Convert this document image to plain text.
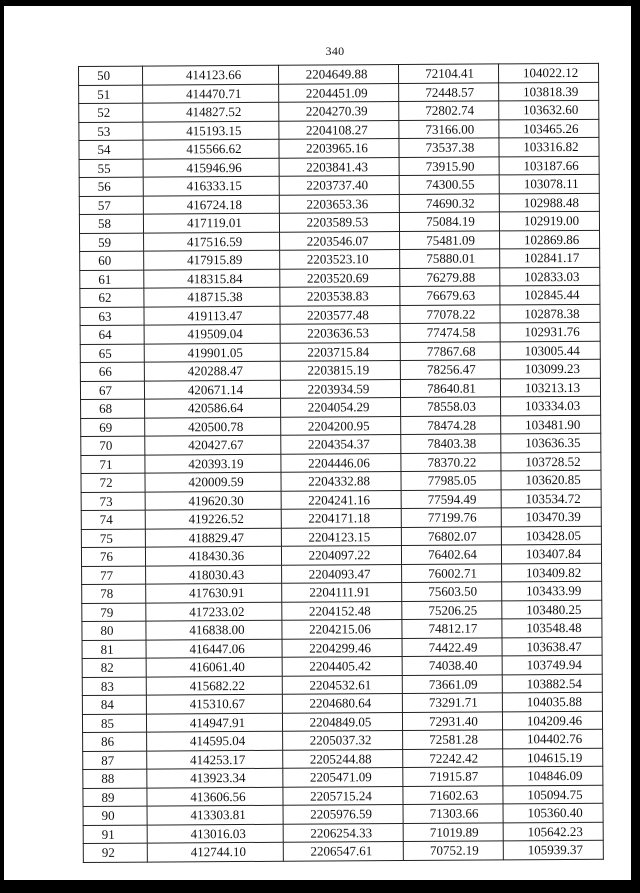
340
50	414123.66	2204649.88	72104.41	104022.12
51	414470.71	2204451.09	72448.57	103818.39
52	414827.52	2204270.39	72802.74	103632.60
53	415193.15	2204108.27	73166.00	103465.26
54	415566.62	2203965.16	73537.38	103316.82
55	415946.96	2203841.43	73915.90	103187.66
56	416333.15	2203737.40	74300.55	103078.11
57	416724.18	2203653.36	74690.32	102988.48
58	417119.01	2203589.53	75084.19	102919.00
59	417516.59	2203546.07	75481.09	102869.86
60	417915.89	2203523.10	75880.01	102841.17
61	418315.84	2203520.69	76279.88	102833.03
62	418715.38	2203538.83	76679.63	102845.44
63	419113.47	2203577.48	77078.22	102878.38
64	419509.04	2203636.53	77474.58	102931.76
65	419901.05	2203715.84	77867.68	103005.44
66	420288.47	2203815.19	78256.47	103099.23
67	420671.14	2203934.59	78640.81	103213.13
68	420586.64	2204054.29	78558.03	103334.03
69	420500.78	2204200.95	78474.28	103481.90
70	420427.67	2204354.37	78403.38	103636.35
71	420393.19	2204446.06	78370.22	103728.52
72	420009.59	2204332.88	77985.05	103620.85
73	419620.30	2204241.16	77594.49	103534.72
74	419226.52	2204171.18	77199.76	103470.39
75	418829.47	2204123.15	76802.07	103428.05
76	418430.36	2204097.22	76402.64	103407.84
77	418030.43	2204093.47	76002.71	103409.82
78	417630.91	2204111.91	75603.50	103433.99
79	417233.02	2204152.48	75206.25	103480.25
80	416838.00	2204215.06	74812.17	103548.48
81	416447.06	2204299.46	74422.49	103638.47
82	416061.40	2204405.42	74038.40	103749.94
83	415682.22	2204532.61	73661.09	103882.54
84	415310.67	2204680.64	73291.71	104035.88
85	414947.91	2204849.05	72931.40	104209.46
86	414595.04	2205037.32	72581.28	104402.76
87	414253.17	2205244.88	72242.42	104615.19
88	413923.34	2205471.09	71915.87	104846.09
89	413606.56	2205715.24	71602.63	105094.75
90	413303.81	2205976.59	71303.66	105360.40
91	413016.03	2206254.33	71019.89	105642.23
92	412744.10	2206547.61	70752.19	105939.37
